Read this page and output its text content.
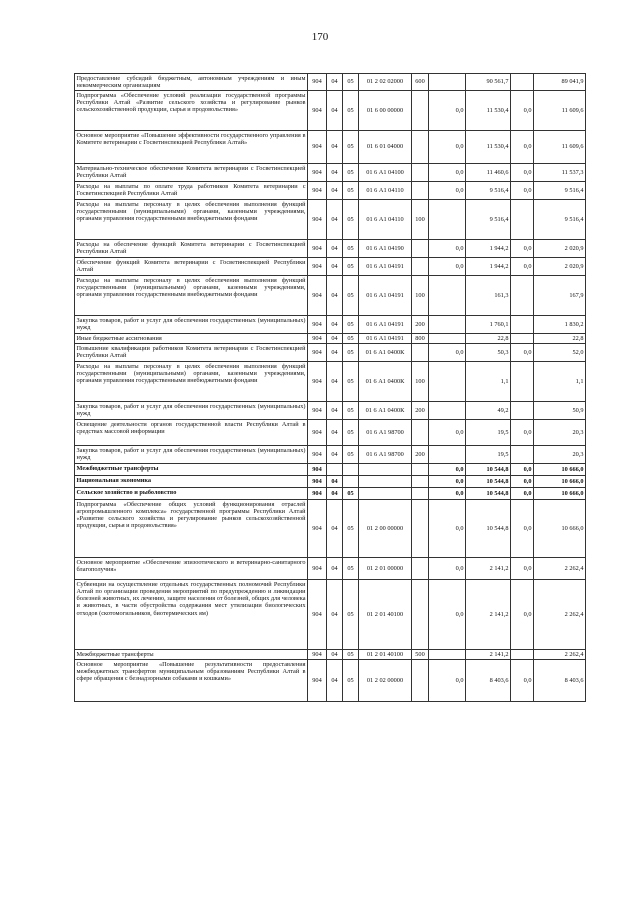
170
Предоставление субсидий бюджетным, автономным учреждениям и иным некоммерческим организациям	904	04	05	01 2 02 02000	600		90 561,7		89 041,9
Подпрограмма «Обеспечение условий реализации государственной программы Республики Алтай «Развитие сельского хозяйства и регулирование рынков сельскохозяйственной продукции, сырья и продовольствия»	904	04	05	01 6 00 00000		0,0	11 530,4	0,0	11 609,6
Основное мероприятие «Повышение эффективности государственного управления в Комитете ветеринарии с Госветинспекцией Республики Алтай»	904	04	05	01 6 01 04000		0,0	11 530,4	0,0	11 609,6
Материально-техническое обеспечение Комитета ветеринарии с Госветинспекцией Республики Алтай	904	04	05	01 6 А1 04100		0,0	11 460,6	0,0	11 537,3
Расходы на выплаты по оплате труда работников Комитета ветеринарии с Госветинспекцией Республики Алтай	904	04	05	01 6 А1 04110		0,0	9 516,4	0,0	9 516,4
Расходы на выплаты персоналу в целях обеспечения выполнения функций государственными (муниципальными) органами, казенными учреждениями, органами управления государственными внебюджетными фондами	904	04	05	01 6 А1 04110	100		9 516,4		9 516,4
Расходы на обеспечение функций Комитета ветеринарии с Госветинспекцией Республики Алтай	904	04	05	01 6 А1 04190		0,0	1 944,2	0,0	2 020,9
Обеспечение функций Комитета ветеринарии с Госветинспекцией Республики Алтай	904	04	05	01 6 А1 04191		0,0	1 944,2	0,0	2 020,9
Расходы на выплаты персоналу в целях обеспечения выполнения функций государственными (муниципальными) органами, казенными учреждениями, органами управления государственными внебюджетными фондами	904	04	05	01 6 А1 04191	100		161,3		167,9
Закупка товаров, работ и услуг для обеспечения государственных (муниципальных) нужд	904	04	05	01 6 А1 04191	200		1 760,1		1 830,2
Иные бюджетные ассигнования	904	04	05	01 6 А1 04191	800		22,8		22,8
Повышение квалификации работников Комитета ветеринарии с Госветинспекцией Республики Алтай	904	04	05	01 6 А1 0400К		0,0	50,3	0,0	52,0
Расходы на выплаты персоналу в целях обеспечения выполнения функций государственными (муниципальными) органами, казенными учреждениями, органами управления государственными внебюджетными фондами	904	04	05	01 6 А1 0400К	100		1,1		1,1
Закупка товаров, работ и услуг для обеспечения государственных (муниципальных) нужд	904	04	05	01 6 А1 0400К	200		49,2		50,9
Освещение деятельности органов государственной власти Республики Алтай в средствах массовой информации	904	04	05	01 6 А1 98700		0,0	19,5	0,0	20,3
Закупка товаров, работ и услуг для обеспечения государственных (муниципальных) нужд	904	04	05	01 6 А1 98700	200		19,5		20,3
Межбюджетные трансферты	904					0,0	10 544,8	0,0	10 666,0
Национальная экономика	904	04				0,0	10 544,8	0,0	10 666,0
Сельское хозяйство и рыболовство	904	04	05			0,0	10 544,8	0,0	10 666,0
Подпрограмма «Обеспечение общих условий функционирования отраслей агропромышленного комплекса» государственной программы Республики Алтай «Развитие сельского хозяйства и регулирование рынков сельскохозяйственной продукции, сырья и продовольствия»	904	04	05	01 2 00 00000		0,0	10 544,8	0,0	10 666,0
Основное мероприятие «Обеспечение эпизоотического и ветеринарно-санитарного благополучия»	904	04	05	01 2 01 00000		0,0	2 141,2	0,0	2 262,4
Субвенции на осуществление отдельных государственных полномочий Республики Алтай по организации проведения мероприятий по предупреждению и ликвидации болезней животных, их лечению, защите населения от болезней, общих для человека и животных, в части обустройства содержания мест утилизации биологических отходов (скотомогильников, биотермических ям)	904	04	05	01 2 01 40100		0,0	2 141,2	0,0	2 262,4
Межбюджетные трансферты	904	04	05	01 2 01 40100	500		2 141,2		2 262,4
Основное мероприятие «Повышение результативности предоставления межбюджетных трансфертов муниципальным образованиям Республики Алтай в сфере обращения с безнадзорными собаками и кошками»	904	04	05	01 2 02 00000		0,0	8 403,6	0,0	8 403,6
